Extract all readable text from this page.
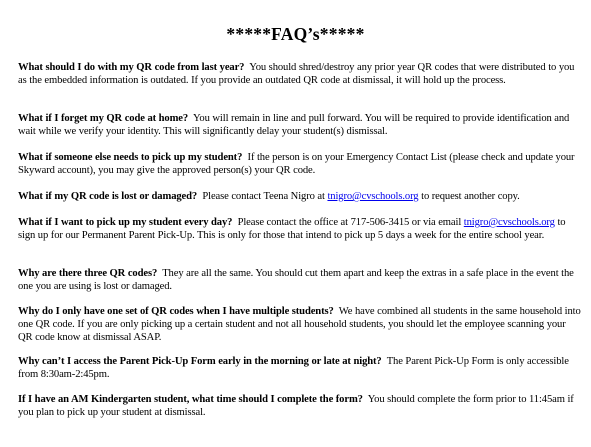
*****FAQ’s*****

What should I do with my QR code from last year? You should shred/destroy any prior year QR codes that were distributed to you as the embedded information is outdated. If you provide an outdated QR code at dismissal, it will hold up the process.

What if I forget my QR code at home? You will remain in line and pull forward. You will be required to provide identification and wait while we verify your identity. This will significantly delay your student(s) dismissal.

What if someone else needs to pick up my student? If the person is on your Emergency Contact List (please check and update your Skyward account), you may give the approved person(s) your QR code.

What if my QR code is lost or damaged? Please contact Teena Nigro at tnigro@cvschools.org to request another copy.

What if I want to pick up my student every day? Please contact the office at 717-506-3415 or via email tnigro@cvschools.org to sign up for our Permanent Parent Pick-Up. This is only for those that intend to pick up 5 days a week for the entire school year.

Why are there three QR codes? They are all the same. You should cut them apart and keep the extras in a safe place in the event the one you are using is lost or damaged.

Why do I only have one set of QR codes when I have multiple students? We have combined all students in the same household into one QR code. If you are only picking up a certain student and not all household students, you should let the employee scanning your QR code know at dismissal ASAP.

Why can’t I access the Parent Pick-Up Form early in the morning or late at night? The Parent Pick-Up Form is only accessible from 8:30am-2:45pm.

If I have an AM Kindergarten student, what time should I complete the form? You should complete the form prior to 11:45am if you plan to pick up your student at dismissal.
